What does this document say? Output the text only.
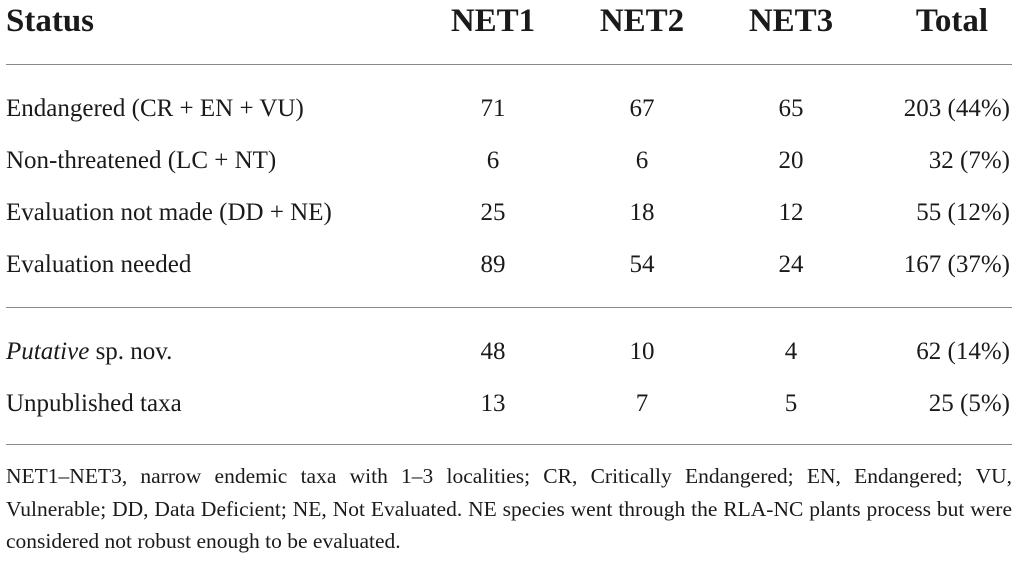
Status	NET1	NET2	NET3	Total
Endangered (CR + EN + VU)	71	67	65	203 (44%)
Non-threatened (LC + NT)	6	6	20	32 (7%)
Evaluation not made (DD + NE)	25	18	12	55 (12%)
Evaluation needed	89	54	24	167 (37%)
Putative sp. nov.	48	10	4	62 (14%)
Unpublished taxa	13	7	5	25 (5%)
NET1–NET3, narrow endemic taxa with 1–3 localities; CR, Critically Endangered; EN, Endangered; VU, Vulnerable; DD, Data Deficient; NE, Not Evaluated. NE species went through the RLA-NC plants process but were considered not robust enough to be evaluated.
